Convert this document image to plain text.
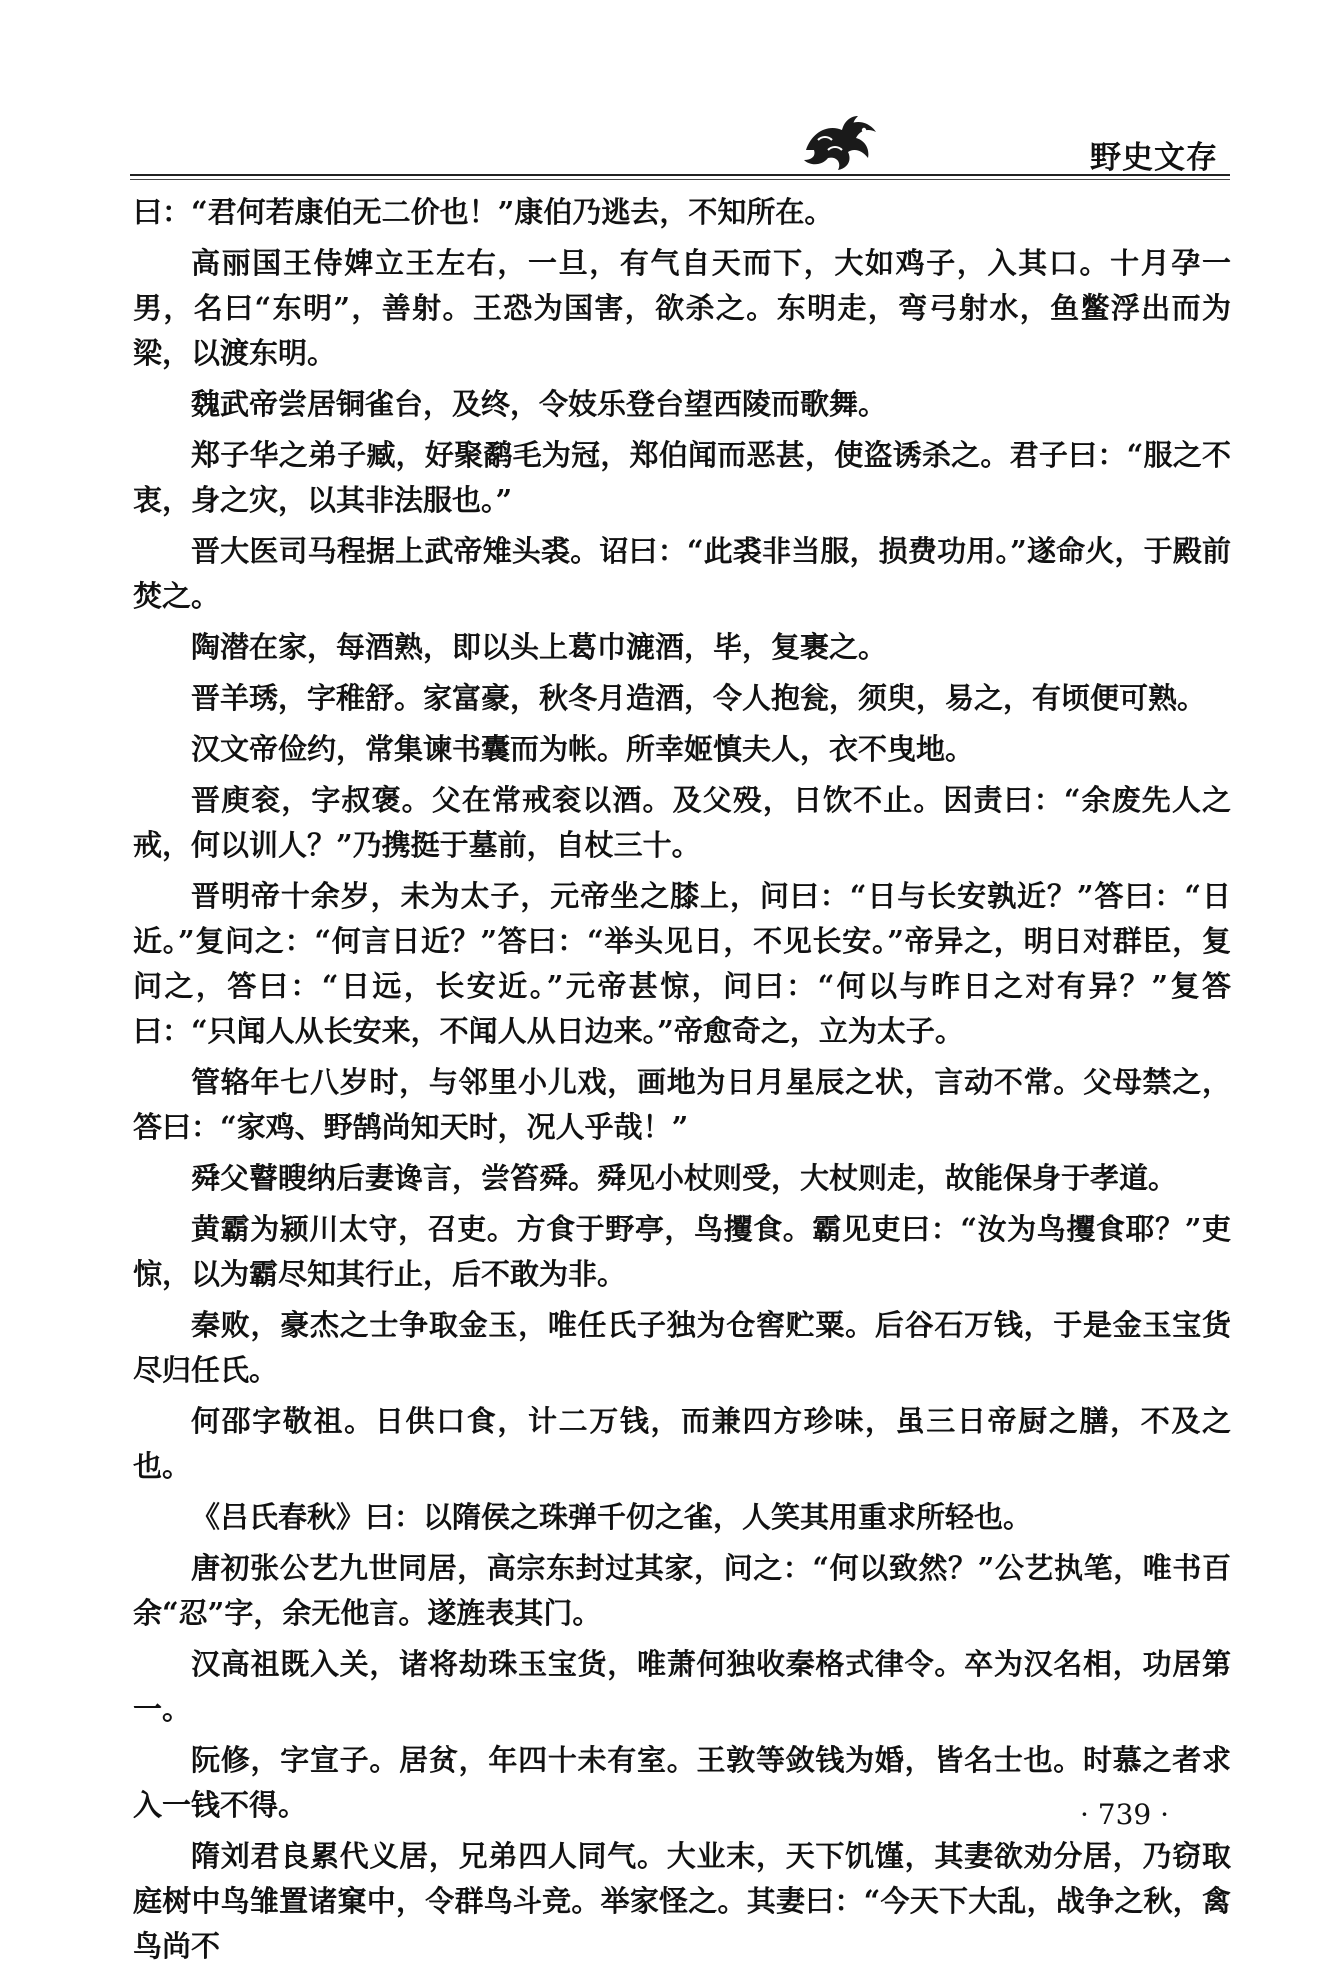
野史文存

曰：“君何若康伯无二价也！”康伯乃逃去，不知所在。

高丽国王侍婢立王左右，一旦，有气自天而下，大如鸡子，入其口。十月孕一男，名曰“东明”，善射。王恐为国害，欲杀之。东明走，弯弓射水，鱼鳖浮出而为梁，以渡东明。

魏武帝尝居铜雀台，及终，令妓乐登台望西陵而歌舞。

郑子华之弟子臧，好聚鹬毛为冠，郑伯闻而恶甚，使盗诱杀之。君子曰：“服之不衷，身之灾，以其非法服也。”

晋大医司马程据上武帝雉头裘。诏曰：“此裘非当服，损费功用。”遂命火，于殿前焚之。

陶潜在家，每酒熟，即以头上葛巾漉酒，毕，复裹之。

晋羊琇，字稚舒。家富豪，秋冬月造酒，令人抱瓮，须臾，易之，有顷便可熟。

汉文帝俭约，常集谏书囊而为帐。所幸姬慎夫人，衣不曳地。

晋庾衮，字叔褒。父在常戒衮以酒。及父殁，日饮不止。因责曰：“余废先人之戒，何以训人？”乃携挺于墓前，自杖三十。

晋明帝十余岁，未为太子，元帝坐之膝上，问曰：“日与长安孰近？”答曰：“日近。”复问之：“何言日近？”答曰：“举头见日，不见长安。”帝异之，明日对群臣，复问之，答曰：“日远，长安近。”元帝甚惊，问曰：“何以与昨日之对有异？”复答曰：“只闻人从长安来，不闻人从日边来。”帝愈奇之，立为太子。

管辂年七八岁时，与邻里小儿戏，画地为日月星辰之状，言动不常。父母禁之，答曰：“家鸡、野鹄尚知天时，况人乎哉！”

舜父瞽瞍纳后妻谗言，尝笞舜。舜见小杖则受，大杖则走，故能保身于孝道。

黄霸为颍川太守，召吏。方食于野亭，鸟攫食。霸见吏曰：“汝为鸟攫食耶？”吏惊，以为霸尽知其行止，后不敢为非。

秦败，豪杰之士争取金玉，唯任氏子独为仓窖贮粟。后谷石万钱，于是金玉宝货尽归任氏。

何邵字敬祖。日供口食，计二万钱，而兼四方珍味，虽三日帝厨之膳，不及之也。

《吕氏春秋》曰：以隋侯之珠弹千仞之雀，人笑其用重求所轻也。

唐初张公艺九世同居，高宗东封过其家，问之：“何以致然？”公艺执笔，唯书百余“忍”字，余无他言。遂旌表其门。

汉高祖既入关，诸将劫珠玉宝货，唯萧何独收秦格式律令。卒为汉名相，功居第一。

阮修，字宣子。居贫，年四十未有室。王敦等敛钱为婚，皆名士也。时慕之者求入一钱不得。

隋刘君良累代义居，兄弟四人同气。大业末，天下饥馑，其妻欲劝分居，乃窃取庭树中鸟雏置诸窠中，令群鸟斗竞。举家怪之。其妻曰：“今天下大乱，战争之秋，禽鸟尚不

· 739 ·
